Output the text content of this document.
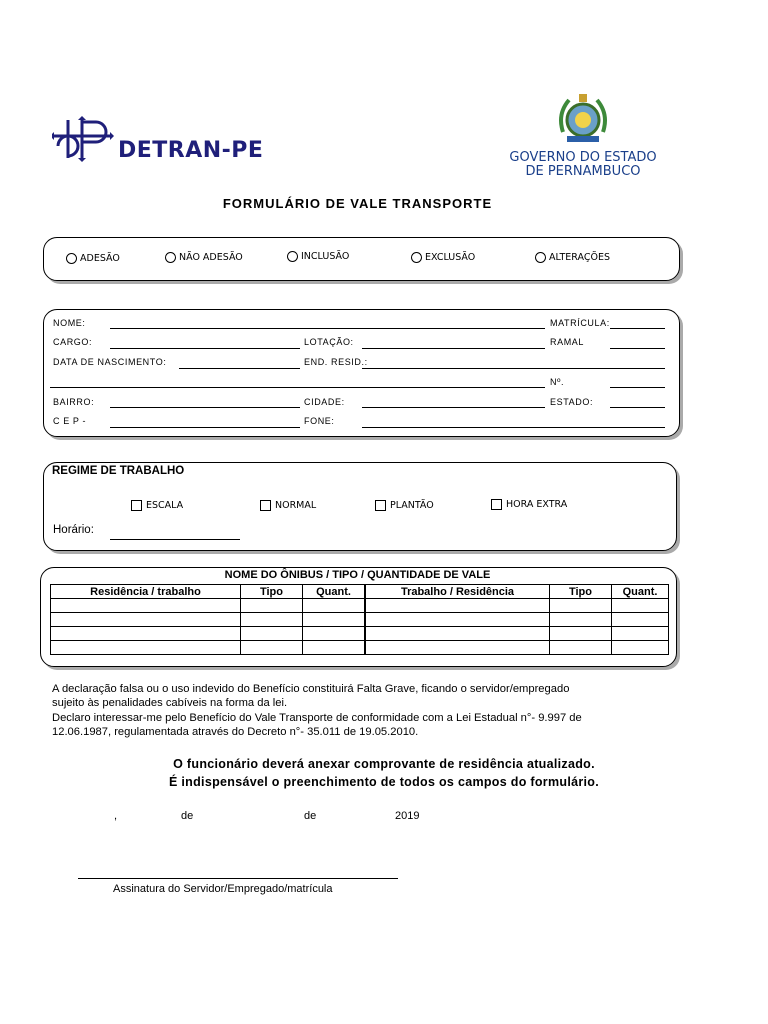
DETRAN-PE	GOVERNO DO ESTADO
DE PERNAMBUCO
FORMULÁRIO DE VALE TRANSPORTE
ADESÃO	NÃO ADESÃO	INCLUSÃO	EXCLUSÃO	ALTERAÇÕES
NOME:	MATRÍCULA:
CARGO:	LOTAÇÃO:	RAMAL
DATA DE NASCIMENTO:	END. RESID.:
Nº.
BAIRRO:	CIDADE:	ESTADO:
C E P -	FONE:
REGIME DE TRABALHO
ESCALA	NORMAL	PLANTÃO	HORA EXTRA
Horário:
NOME DO ÔNIBUS / TIPO / QUANTIDADE DE VALE
Residência / trabalho	Tipo	Quant.	Trabalho / Residência	Tipo	Quant.

A declaração falsa ou o uso indevido do Benefício constituirá Falta Grave, ficando o servidor/empregado
sujeito às penalidades cabíveis na forma da lei.
Declaro interessar-me pelo Benefício do Vale Transporte de conformidade com a Lei Estadual n°- 9.997 de
12.06.1987, regulamentada através do Decreto n°- 35.011 de 19.05.2010.
O funcionário deverá anexar comprovante de residência atualizado.
É indispensável o preenchimento de todos os campos do formulário.
,	de	de	2019
Assinatura do Servidor/Empregado/matrícula
